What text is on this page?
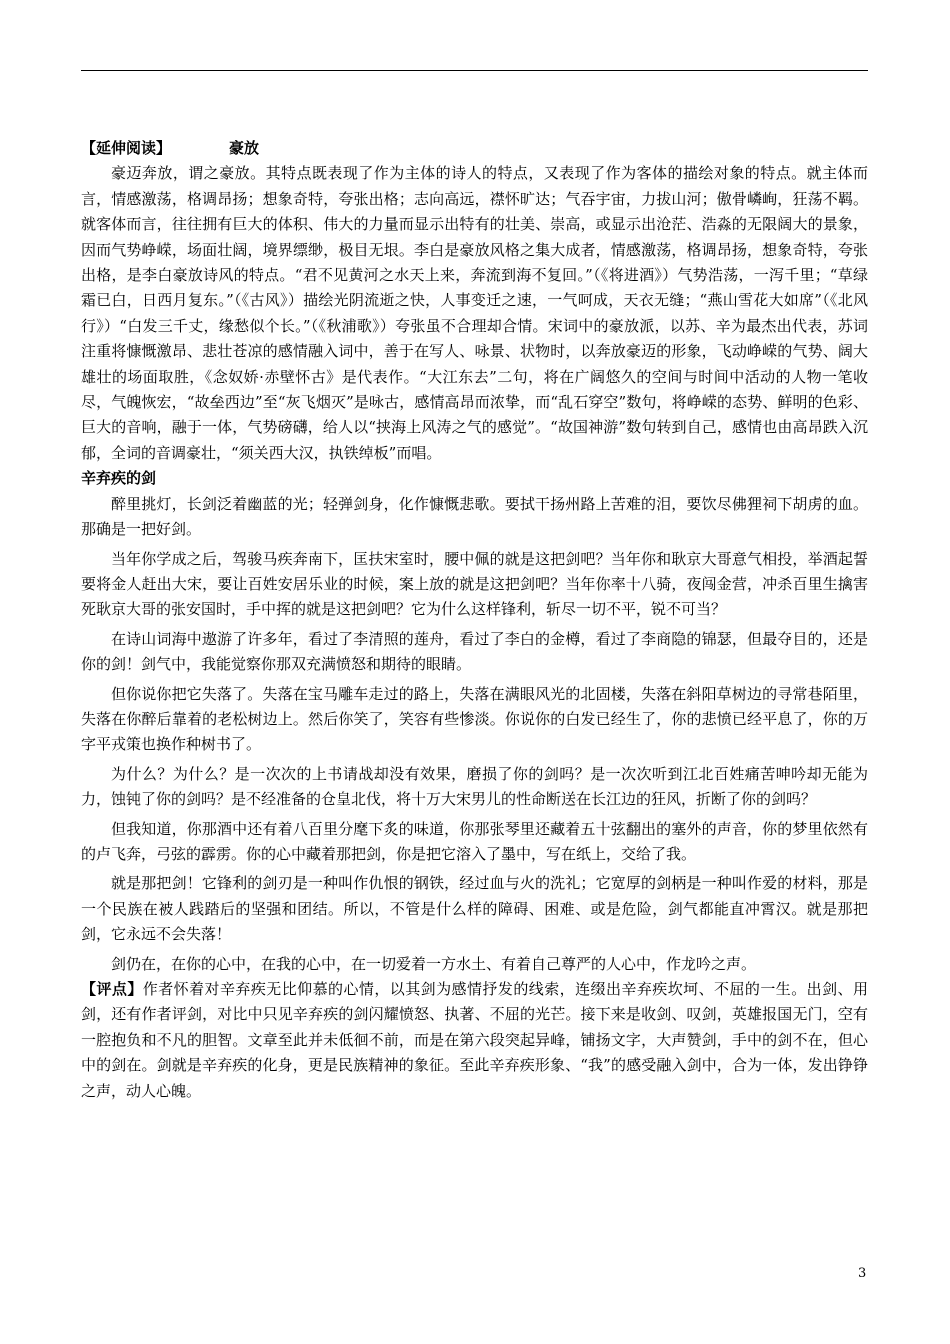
【延伸阅读】	豪放

豪迈奔放，谓之豪放。其特点既表现了作为主体的诗人的特点，又表现了作为客体的描绘对象的特点。就主体而言，情感激荡，格调昂扬；想象奇特，夸张出格；志向高远，襟怀旷达；气吞宇宙，力拔山河；傲骨嶙峋，狂荡不羁。就客体而言，往往拥有巨大的体积、伟大的力量而显示出特有的壮美、崇高，或显示出沧茫、浩淼的无限阔大的景象，因而气势峥嵘，场面壮阔，境界缥缈，极目无垠。李白是豪放风格之集大成者，情感激荡，格调昂扬，想象奇特，夸张出格，是李白豪放诗风的特点。“君不见黄河之水天上来，奔流到海不复回。”（《将进酒》）气势浩荡，一泻千里；“草绿霜已白，日西月复东。”（《古风》）描绘光阴流逝之快，人事变迁之速，一气呵成，天衣无缝；“燕山雪花大如席”（《北风行》）“白发三千丈，缘愁似个长。”（《秋浦歌》）夸张虽不合理却合情。宋词中的豪放派，以苏、辛为最杰出代表，苏词注重将慷慨激昂、悲壮苍凉的感情融入词中，善于在写人、咏景、状物时，以奔放豪迈的形象，飞动峥嵘的气势、阔大雄壮的场面取胜，《念奴娇·赤壁怀古》是代表作。“大江东去”二句，将在广阔悠久的空间与时间中活动的人物一笔收尽，气魄恢宏，“故垒西边”至“灰飞烟灭”是咏古，感情高昂而浓挚，而“乱石穿空”数句，将峥嵘的态势、鲜明的色彩、巨大的音响，融于一体，气势磅礴，给人以“挟海上风涛之气的感觉”。“故国神游”数句转到自己，感情也由高昂跌入沉郁，全词的音调豪壮，“须关西大汉，执铁绰板”而唱。

辛弃疾的剑

醉里挑灯，长剑泛着幽蓝的光；轻弹剑身，化作慷慨悲歌。要拭干扬州路上苦难的泪，要饮尽佛狸祠下胡虏的血。那确是一把好剑。

当年你学成之后，驾骏马疾奔南下，匡扶宋室时，腰中佩的就是这把剑吧？当年你和耿京大哥意气相投，举酒起誓要将金人赶出大宋，要让百姓安居乐业的时候，案上放的就是这把剑吧？当年你率十八骑，夜闯金营，冲杀百里生擒害死耿京大哥的张安国时，手中挥的就是这把剑吧？它为什么这样锋利，斩尽一切不平，锐不可当？

在诗山词海中遨游了许多年，看过了李清照的莲舟，看过了李白的金樽，看过了李商隐的锦瑟，但最夺目的，还是你的剑！剑气中，我能觉察你那双充满愤怒和期待的眼睛。

但你说你把它失落了。失落在宝马雕车走过的路上，失落在满眼风光的北固楼，失落在斜阳草树边的寻常巷陌里，失落在你醉后靠着的老松树边上。然后你笑了，笑容有些惨淡。你说你的白发已经生了，你的悲愤已经平息了，你的万字平戎策也换作种树书了。

为什么？为什么？是一次次的上书请战却没有效果，磨损了你的剑吗？是一次次听到江北百姓痛苦呻吟却无能为力，蚀钝了你的剑吗？是不经准备的仓皇北伐，将十万大宋男儿的性命断送在长江边的狂风，折断了你的剑吗？

但我知道，你那酒中还有着八百里分麾下炙的味道，你那张琴里还藏着五十弦翻出的塞外的声音，你的梦里依然有的卢飞奔，弓弦的霹雳。你的心中藏着那把剑，你是把它溶入了墨中，写在纸上，交给了我。

就是那把剑！它锋利的剑刃是一种叫作仇恨的钢铁，经过血与火的洗礼；它宽厚的剑柄是一种叫作爱的材料，那是一个民族在被人践踏后的坚强和团结。所以，不管是什么样的障碍、困难、或是危险，剑气都能直冲霄汉。就是那把剑，它永远不会失落！

剑仍在，在你的心中，在我的心中，在一切爱着一方水土、有着自己尊严的人心中，作龙吟之声。

【评点】作者怀着对辛弃疾无比仰慕的心情，以其剑为感情抒发的线索，连缀出辛弃疾坎坷、不屈的一生。出剑、用剑，还有作者评剑，对比中只见辛弃疾的剑闪耀愤怒、执著、不屈的光芒。接下来是收剑、叹剑，英雄报国无门，空有一腔抱负和不凡的胆智。文章至此并未低徊不前，而是在第六段突起异峰，铺扬文字，大声赞剑，手中的剑不在，但心中的剑在。剑就是辛弃疾的化身，更是民族精神的象征。至此辛弃疾形象、“我”的感受融入剑中，合为一体，发出铮铮之声，动人心魄。

3
